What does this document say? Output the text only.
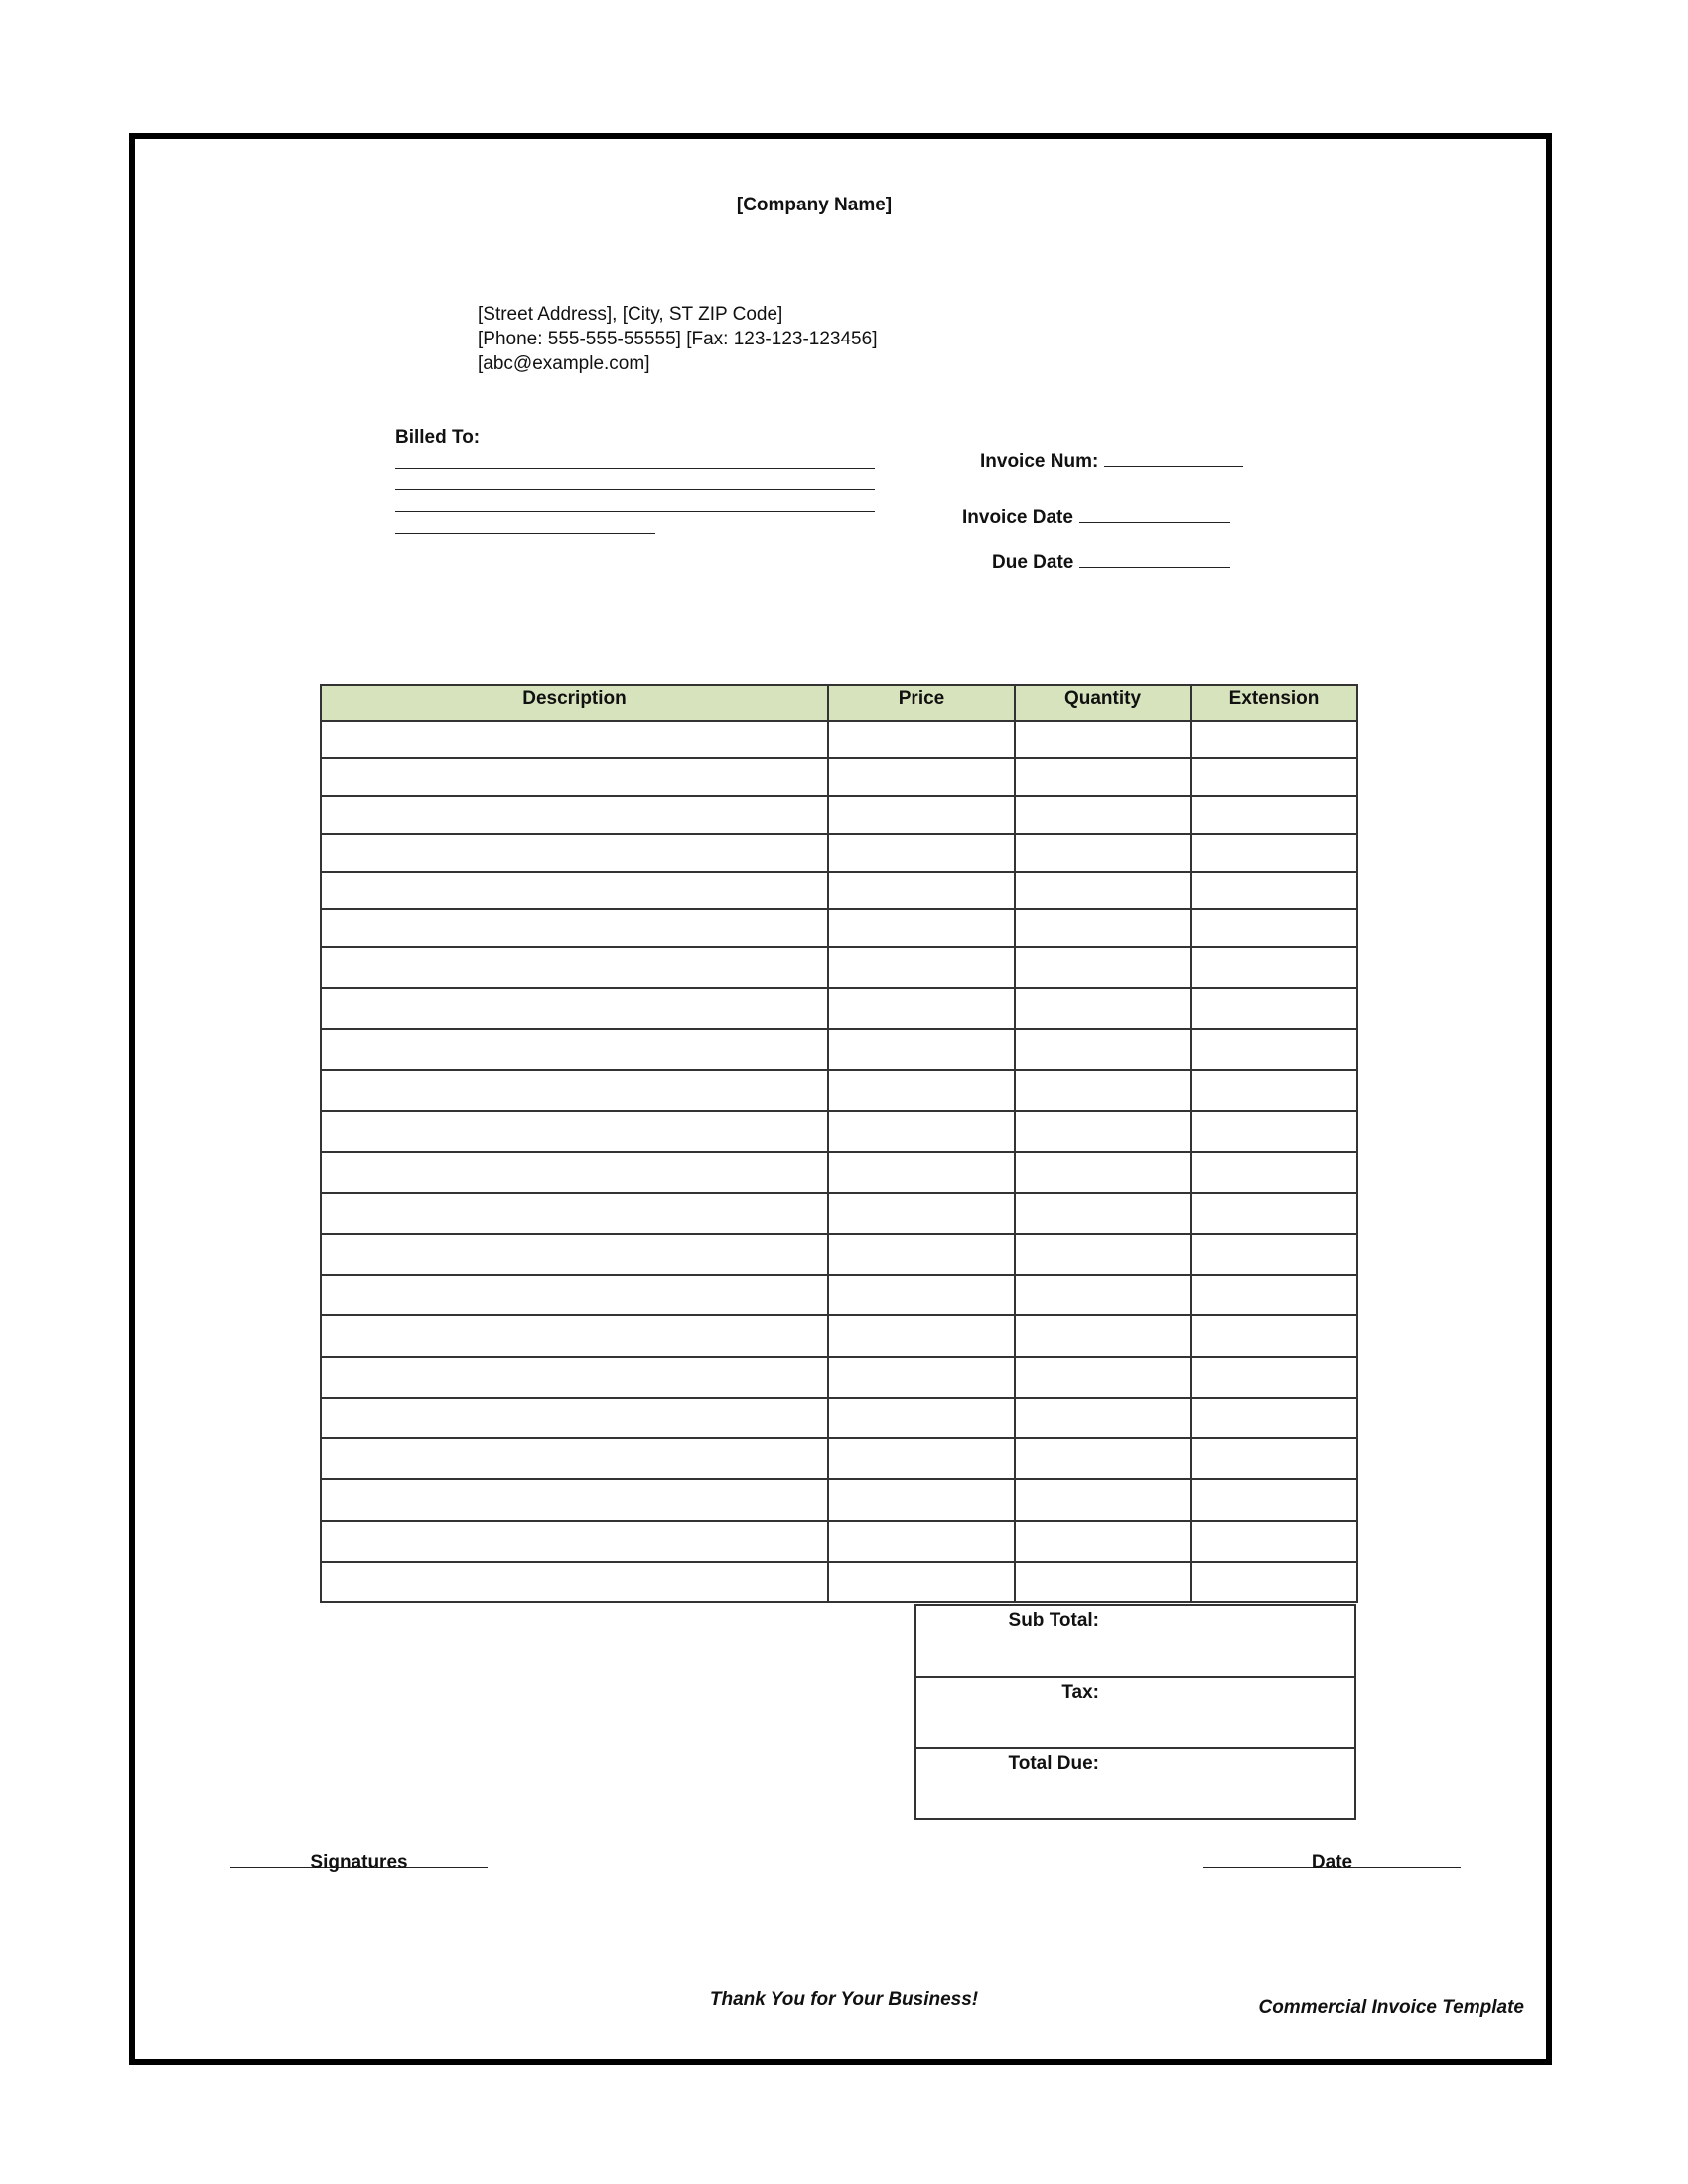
[Company Name]
[Street Address], [City, ST ZIP Code]
[Phone: 555-555-55555] [Fax: 123-123-123456]
[abc@example.com]
Billed To:
Invoice Num:
Invoice Date
Due Date
Description	Price	Quantity	Extension

Sub Total:

Tax:

Total Due:
Signatures	Date
Thank You for Your Business!	Commercial Invoice Template
